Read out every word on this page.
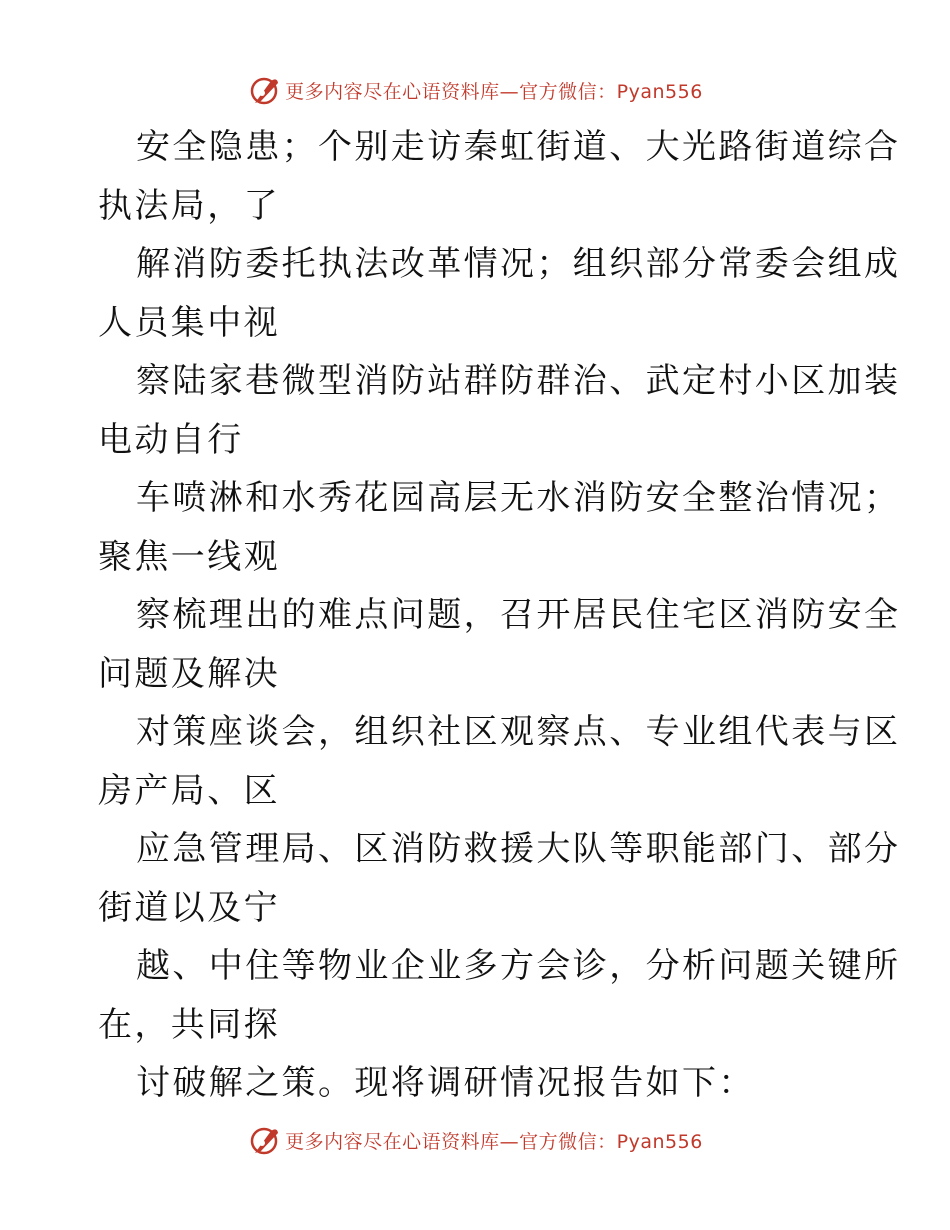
更多内容尽在心语资料库—官方微信：Pyan556
安全隐患；个别走访秦虹街道、大光路街道综合
执法局，了
解消防委托执法改革情况；组织部分常委会组成
人员集中视
察陆家巷微型消防站群防群治、武定村小区加装
电动自行
车喷淋和水秀花园高层无水消防安全整治情况；
聚焦一线观
察梳理出的难点问题，召开居民住宅区消防安全
问题及解决
对策座谈会，组织社区观察点、专业组代表与区
房产局、区
应急管理局、区消防救援大队等职能部门、部分
街道以及宁
越、中住等物业企业多方会诊，分析问题关键所
在，共同探
讨破解之策。现将调研情况报告如下：
更多内容尽在心语资料库—官方微信：Pyan556
